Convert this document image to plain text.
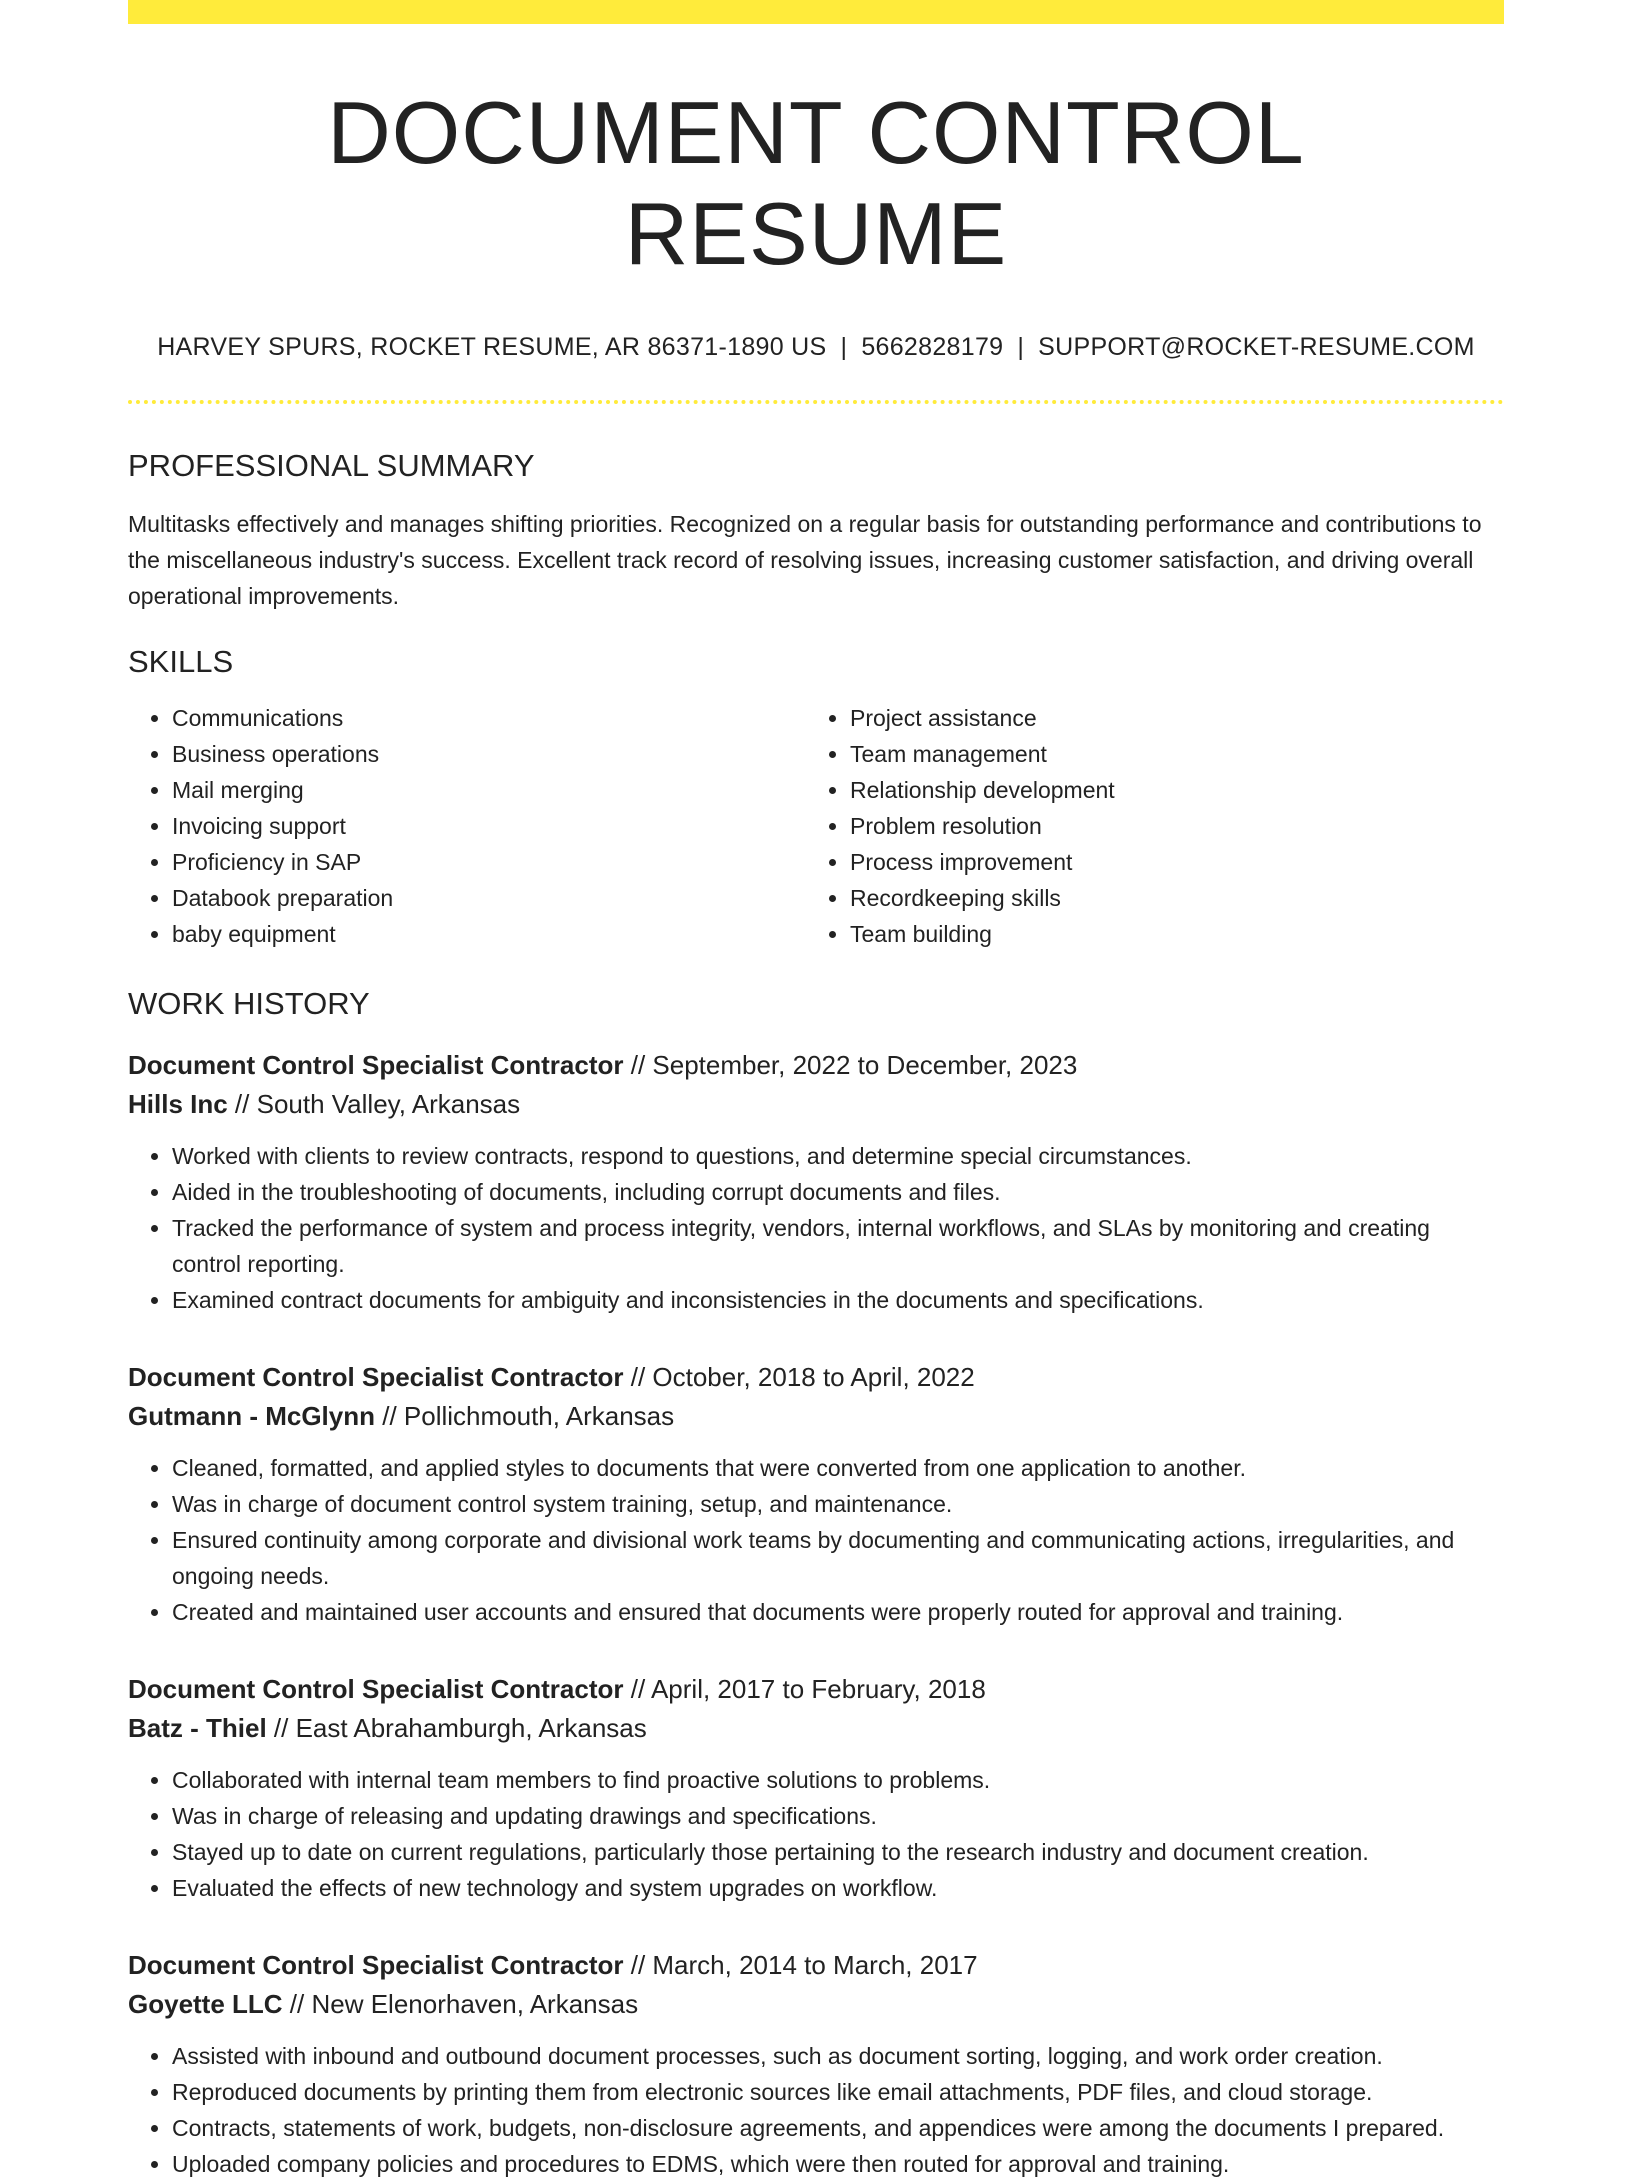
DOCUMENT CONTROL RESUME
HARVEY SPURS, ROCKET RESUME, AR 86371-1890 US | 5662828179 | SUPPORT@ROCKET-RESUME.COM
PROFESSIONAL SUMMARY
Multitasks effectively and manages shifting priorities. Recognized on a regular basis for outstanding performance and contributions to the miscellaneous industry's success. Excellent track record of resolving issues, increasing customer satisfaction, and driving overall operational improvements.
SKILLS
• Communications
• Business operations
• Mail merging
• Invoicing support
• Proficiency in SAP
• Databook preparation
• baby equipment
• Project assistance
• Team management
• Relationship development
• Problem resolution
• Process improvement
• Recordkeeping skills
• Team building
WORK HISTORY
Document Control Specialist Contractor // September, 2022 to December, 2023
Hills Inc // South Valley, Arkansas
• Worked with clients to review contracts, respond to questions, and determine special circumstances.
• Aided in the troubleshooting of documents, including corrupt documents and files.
• Tracked the performance of system and process integrity, vendors, internal workflows, and SLAs by monitoring and creating control reporting.
• Examined contract documents for ambiguity and inconsistencies in the documents and specifications.
Document Control Specialist Contractor // October, 2018 to April, 2022
Gutmann - McGlynn // Pollichmouth, Arkansas
• Cleaned, formatted, and applied styles to documents that were converted from one application to another.
• Was in charge of document control system training, setup, and maintenance.
• Ensured continuity among corporate and divisional work teams by documenting and communicating actions, irregularities, and ongoing needs.
• Created and maintained user accounts and ensured that documents were properly routed for approval and training.
Document Control Specialist Contractor // April, 2017 to February, 2018
Batz - Thiel // East Abrahamburgh, Arkansas
• Collaborated with internal team members to find proactive solutions to problems.
• Was in charge of releasing and updating drawings and specifications.
• Stayed up to date on current regulations, particularly those pertaining to the research industry and document creation.
• Evaluated the effects of new technology and system upgrades on workflow.
Document Control Specialist Contractor // March, 2014 to March, 2017
Goyette LLC // New Elenorhaven, Arkansas
• Assisted with inbound and outbound document processes, such as document sorting, logging, and work order creation.
• Reproduced documents by printing them from electronic sources like email attachments, PDF files, and cloud storage.
• Contracts, statements of work, budgets, non-disclosure agreements, and appendices were among the documents I prepared.
• Uploaded company policies and procedures to EDMS, which were then routed for approval and training.
